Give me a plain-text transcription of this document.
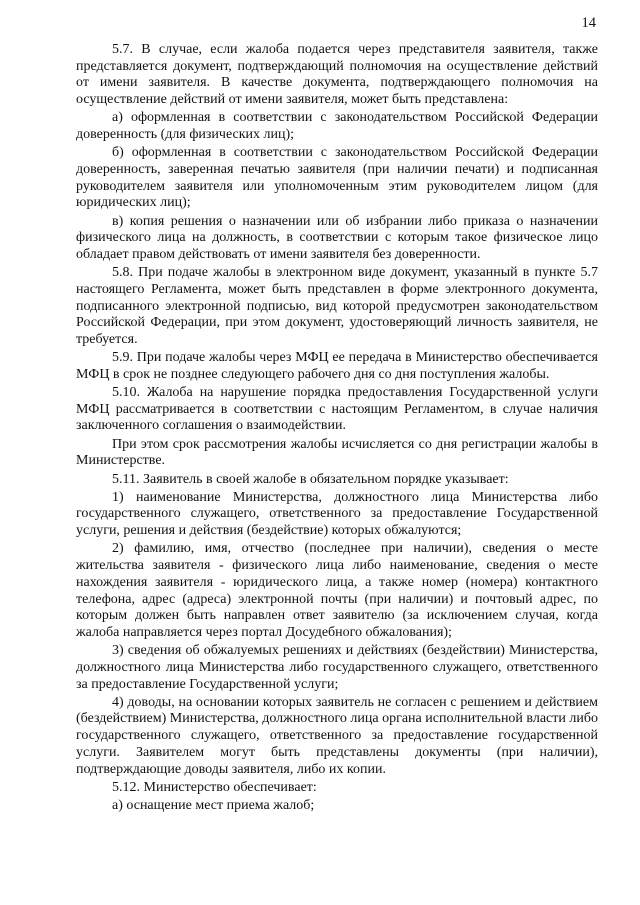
14

5.7. В случае, если жалоба подается через представителя заявителя, также представляется документ, подтверждающий полномочия на осуществление действий от имени заявителя. В качестве документа, подтверждающего полномочия на осуществление действий от имени заявителя, может быть представлена:

а) оформленная в соответствии с законодательством Российской Федерации доверенность (для физических лиц);

б) оформленная в соответствии с законодательством Российской Федерации доверенность, заверенная печатью заявителя (при наличии печати) и подписанная руководителем заявителя или уполномоченным этим руководителем лицом (для юридических лиц);

в) копия решения о назначении или об избрании либо приказа о назначении физического лица на должность, в соответствии с которым такое физическое лицо обладает правом действовать от имени заявителя без доверенности.

5.8. При подаче жалобы в электронном виде документ, указанный в пункте 5.7 настоящего Регламента, может быть представлен в форме электронного документа, подписанного электронной подписью, вид которой предусмотрен законодательством Российской Федерации, при этом документ, удостоверяющий личность заявителя, не требуется.

5.9. При подаче жалобы через МФЦ ее передача в Министерство обеспечивается МФЦ в срок не позднее следующего рабочего дня со дня поступления жалобы.

5.10. Жалоба на нарушение порядка предоставления Государственной услуги МФЦ рассматривается в соответствии с настоящим Регламентом, в случае наличия заключенного соглашения о взаимодействии.

При этом срок рассмотрения жалобы исчисляется со дня регистрации жалобы в Министерстве.

5.11. Заявитель в своей жалобе в обязательном порядке указывает:

1) наименование Министерства, должностного лица Министерства либо государственного служащего, ответственного за предоставление Государственной услуги, решения и действия (бездействие) которых обжалуются;

2) фамилию, имя, отчество (последнее при наличии), сведения о месте жительства заявителя - физического лица либо наименование, сведения о месте нахождения заявителя - юридического лица, а также номер (номера) контактного телефона, адрес (адреса) электронной почты (при наличии) и почтовый адрес, по которым должен быть направлен ответ заявителю (за исключением случая, когда жалоба направляется через портал Досудебного обжалования);

3) сведения об обжалуемых решениях и действиях (бездействии) Министерства, должностного лица Министерства либо государственного служащего, ответственного за предоставление Государственной услуги;

4) доводы, на основании которых заявитель не согласен с решением и действием (бездействием) Министерства, должностного лица органа исполнительной власти либо государственного служащего, ответственного за предоставление государственной услуги. Заявителем могут быть представлены документы (при наличии), подтверждающие доводы заявителя, либо их копии.

5.12. Министерство обеспечивает:

а) оснащение мест приема жалоб;
